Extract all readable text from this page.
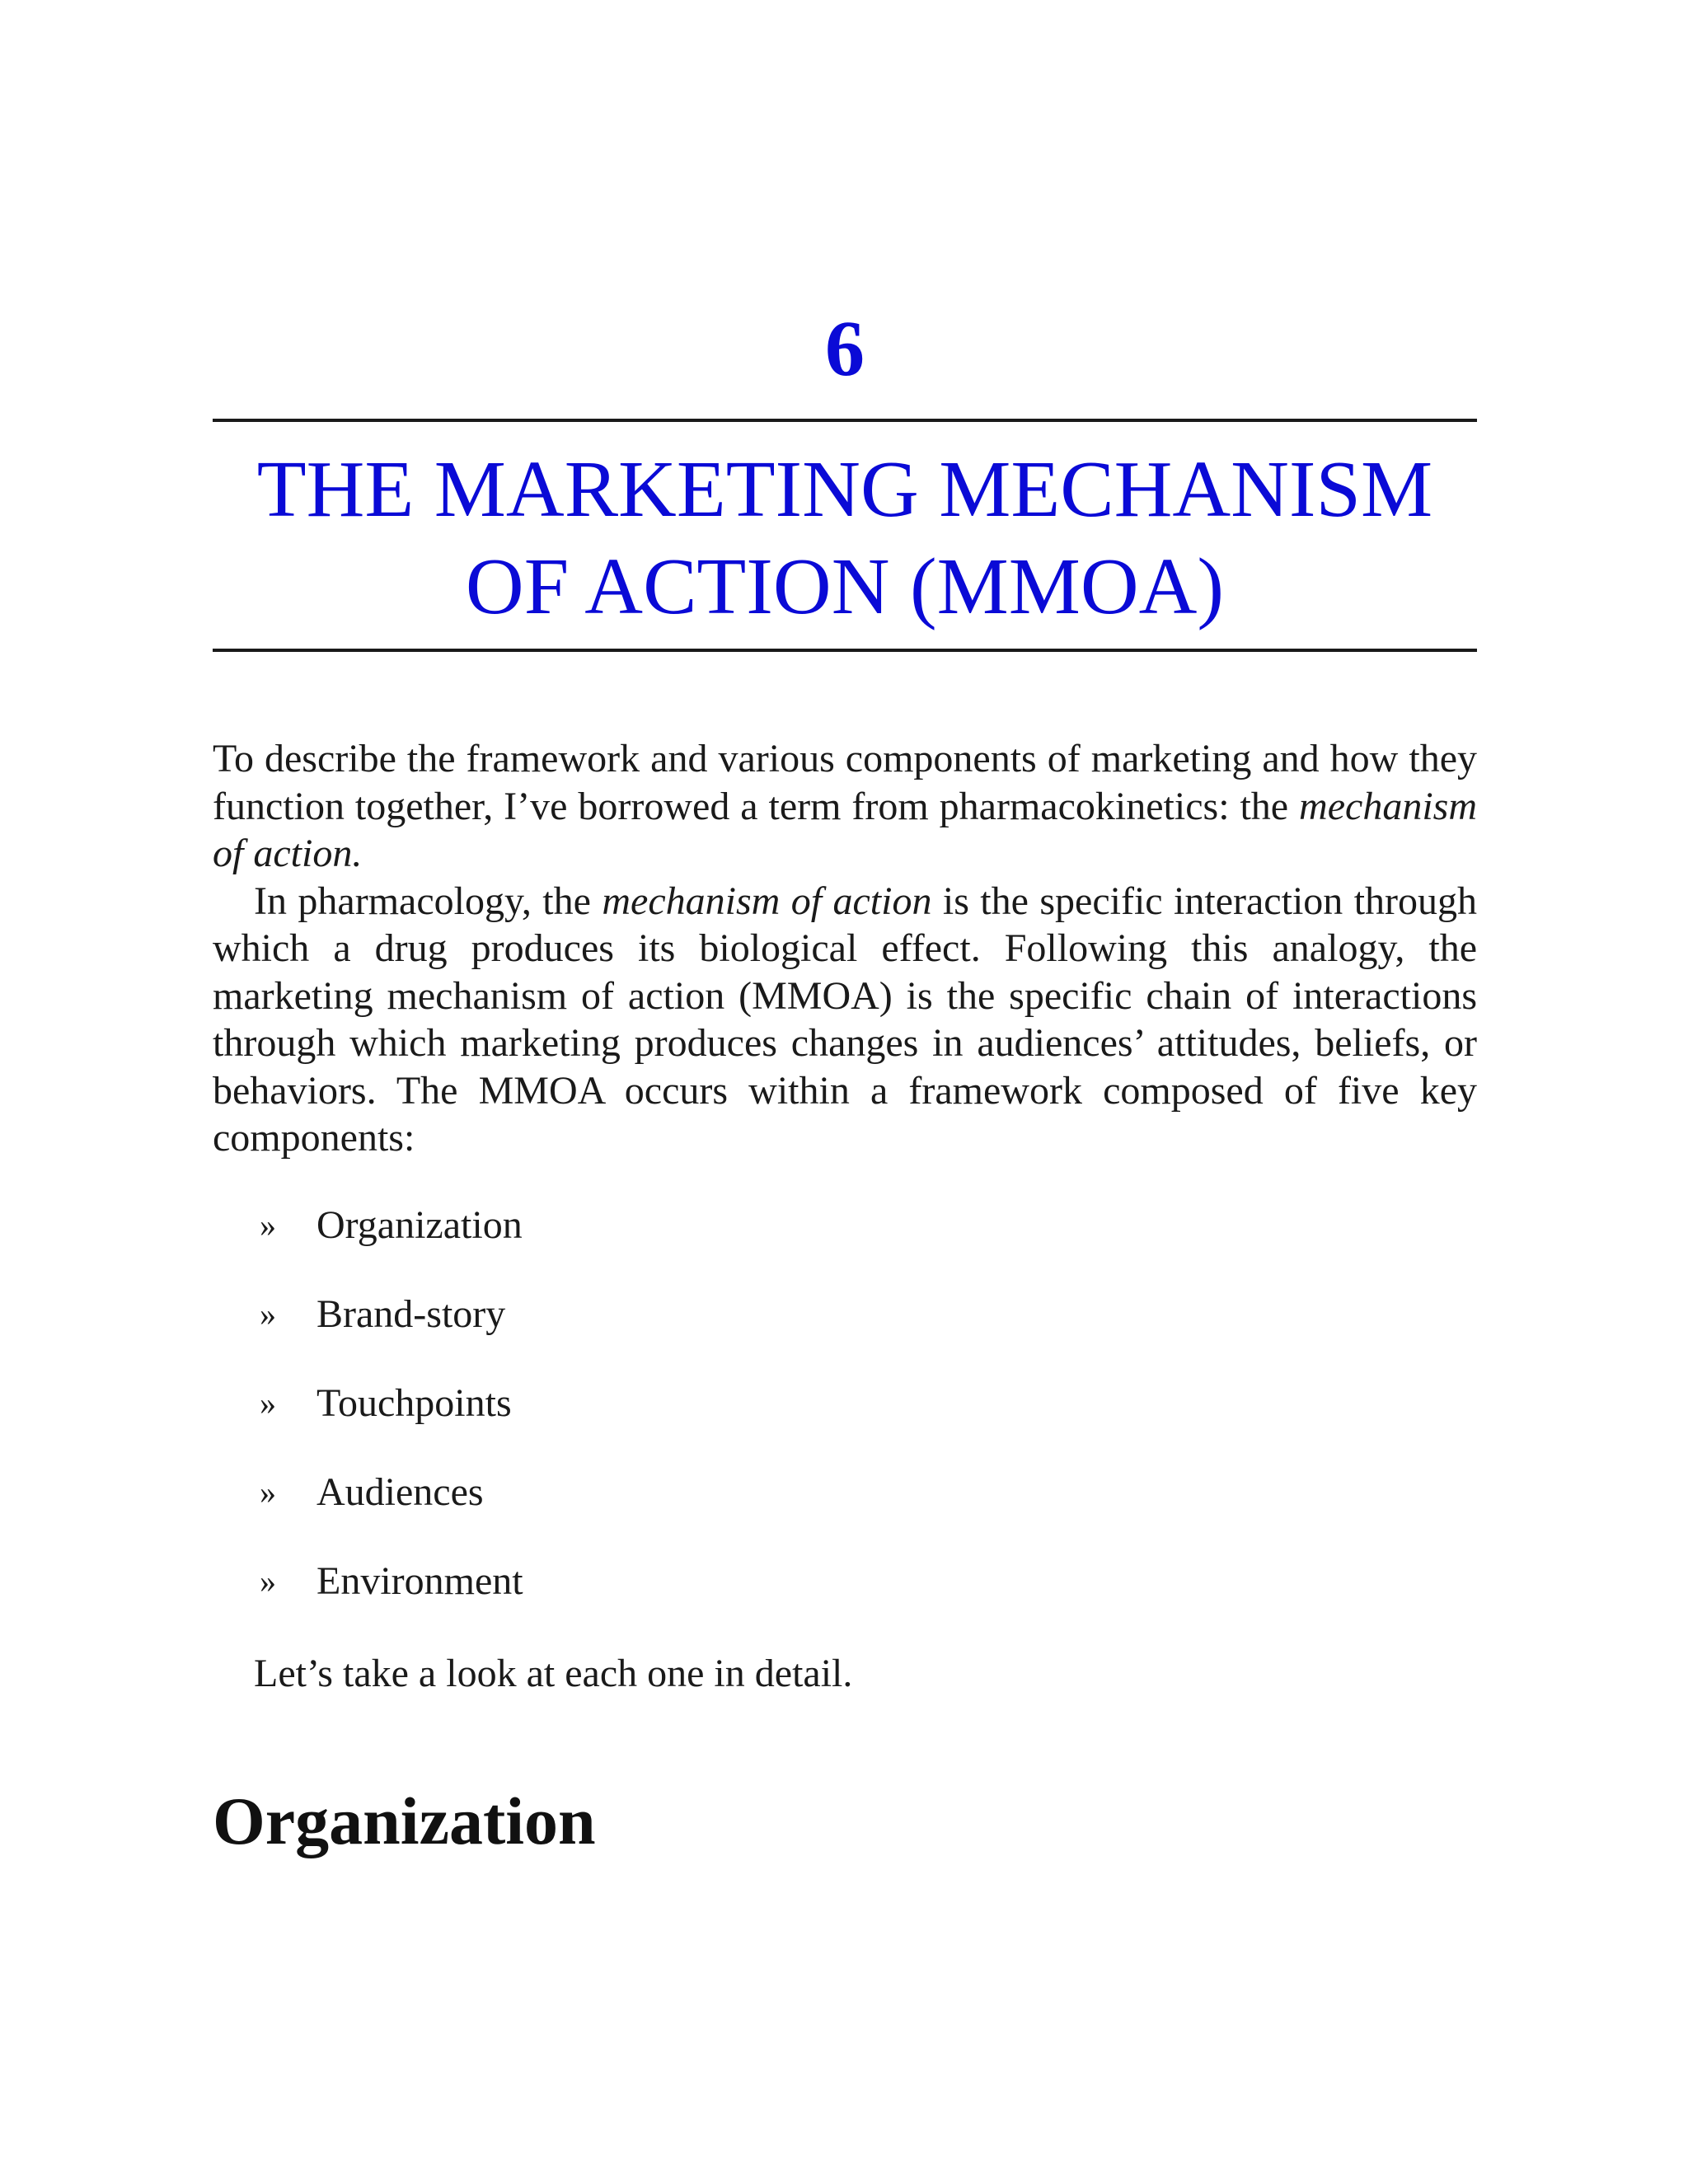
6
THE MARKETING MECHANISM
OF ACTION (MMOA)

To describe the framework and various components of marketing and how they function together, I’ve borrowed a term from pharmacokinetics: the mechanism of action.

In pharmacology, the mechanism of action is the specific interaction through which a drug produces its biological effect. Following this analogy, the marketing mechanism of action (MMOA) is the specific chain of interactions through which marketing produces changes in audiences’ attitudes, beliefs, or behaviors. The MMOA occurs within a framework composed of five key components:

» Organization
» Brand-story
» Touchpoints
» Audiences
» Environment

Let’s take a look at each one in detail.

Organization
